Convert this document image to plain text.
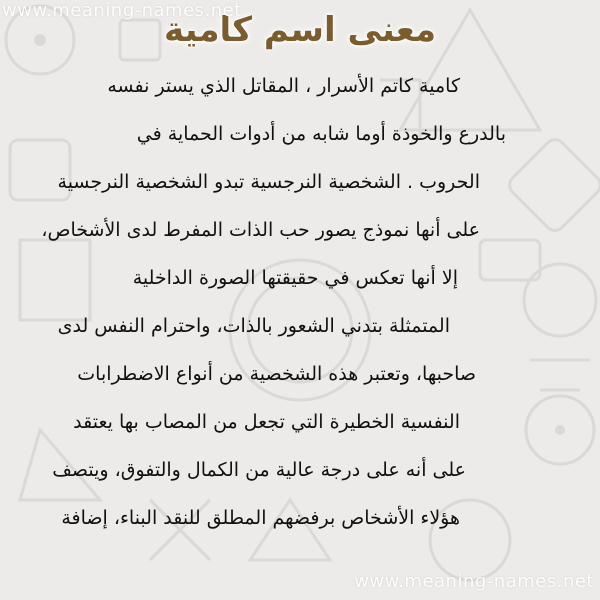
www.meaning-names.net
معنى اسم كامية
كامية كاتم الأسرار ، المقاتل الذي يستر نفسه
بالدرع والخوذة أوما شابه من أدوات الحماية في
الحروب . الشخصية النرجسية تبدو الشخصية النرجسية
على أنها نموذج يصور حب الذات المفرط لدى الأشخاص،
إلا أنها تعكس في حقيقتها الصورة الداخلية
المتمثلة بتدني الشعور بالذات، واحترام النفس لدى
صاحبها، وتعتبر هذه الشخصية من أنواع الاضطرابات
النفسية الخطيرة التي تجعل من المصاب بها يعتقد
على أنه على درجة عالية من الكمال والتفوق، ويتصف
هؤلاء الأشخاص برفضهم المطلق للنقد البناء، إضافة
www.meaning-names.net
